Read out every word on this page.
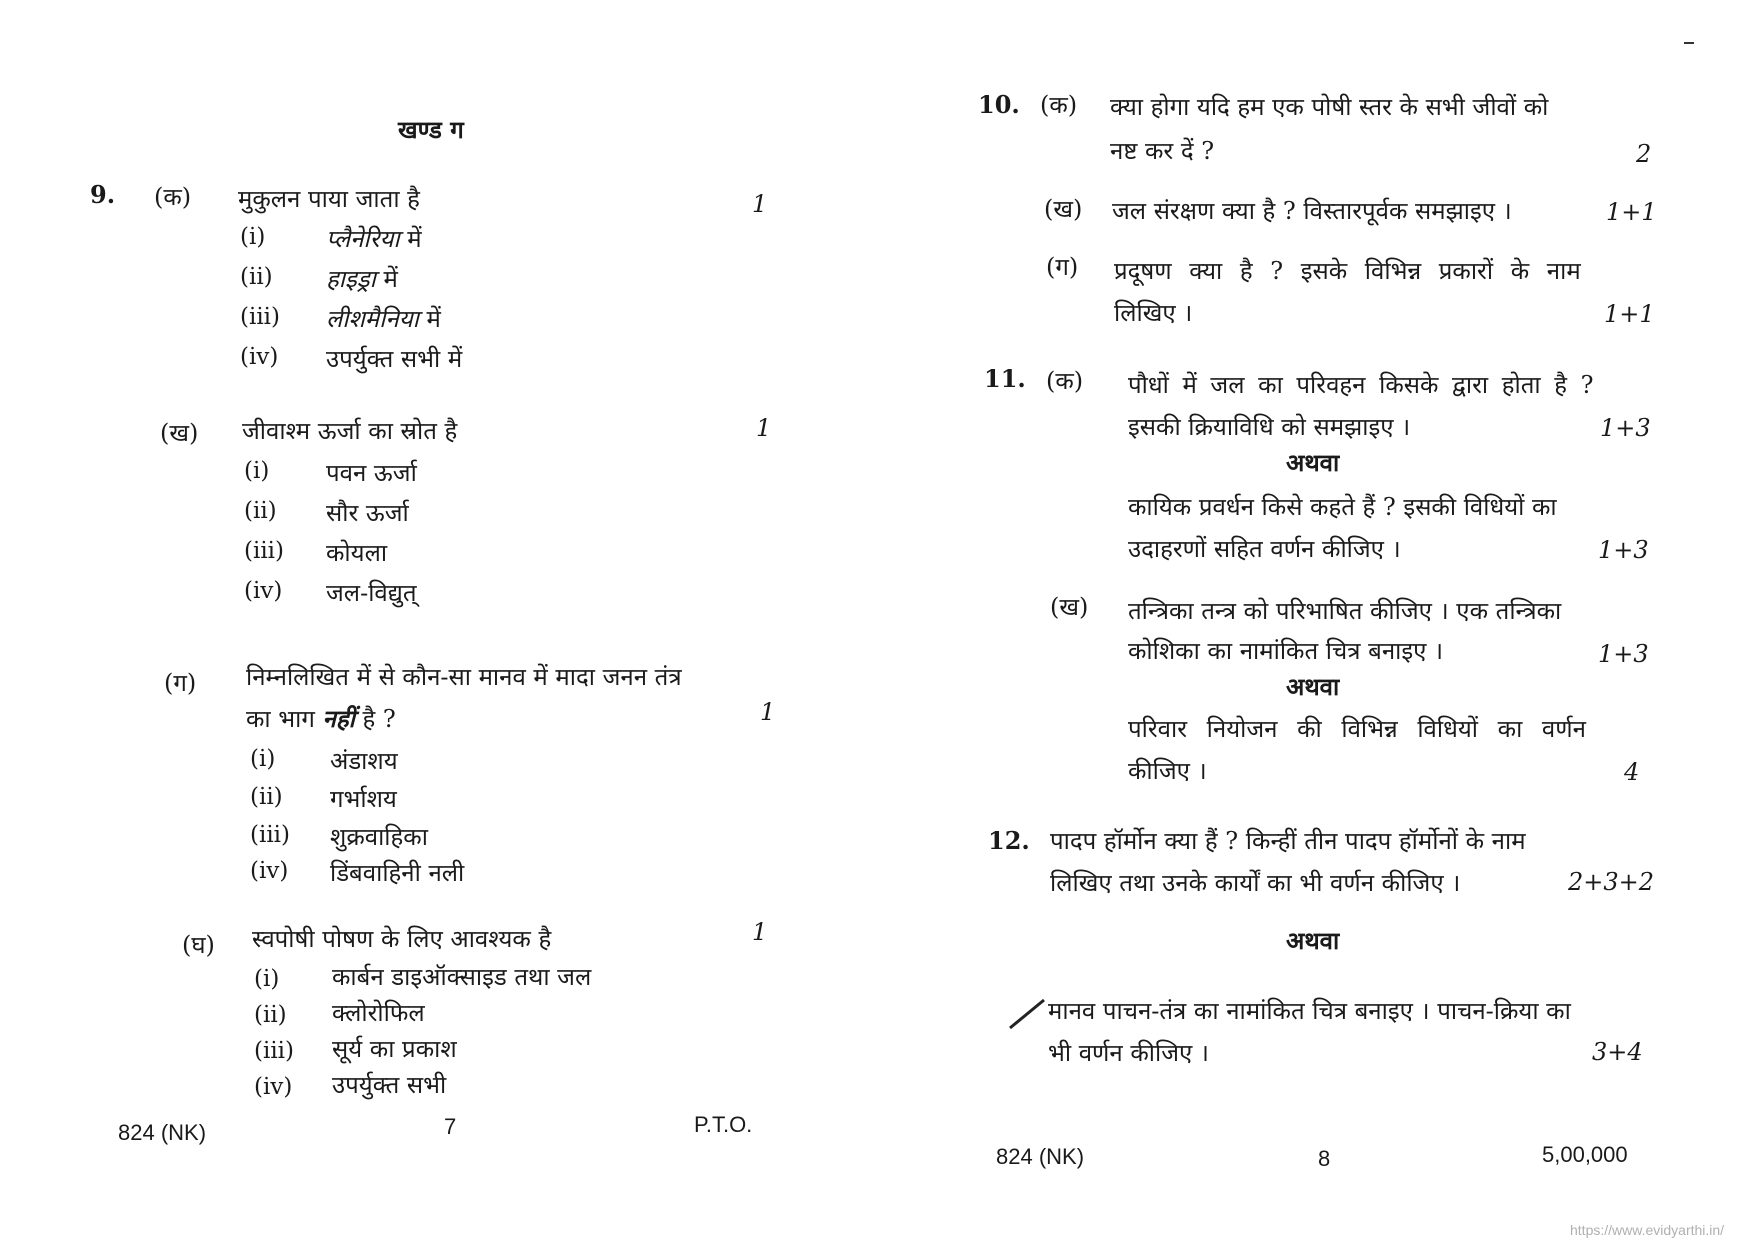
खण्ड ग
9. (क) मुकुलन पाया जाता है	1
(i)	प्लैनेरिया में
(ii) हाइड्रा में
(iii) लीशमैनिया में
(iv) उपर्युक्त सभी में
(ख) जीवाश्म ऊर्जा का स्रोत है	1
(i) पवन ऊर्जा
(ii) सौर ऊर्जा
(iii) कोयला
(iv) जल-विद्युत्
(ग) निम्नलिखित में से कौन-सा मानव में मादा जनन तंत्र
का भाग नहीं है ?	1
(i) अंडाशय
(ii) गर्भाशय
(iii) शुक्रवाहिका
(iv) डिंबवाहिनी नली
(घ) स्वपोषी पोषण के लिए आवश्यक है	1
(i) कार्बन डाइऑक्साइड तथा जल
(ii) क्लोरोफिल
(iii) सूर्य का प्रकाश
(iv) उपर्युक्त सभी
824 (NK)	7	P.T.O.
10. (क) क्या होगा यदि हम एक पोषी स्तर के सभी जीवों को
नष्ट कर दें ?	2
(ख) जल संरक्षण क्या है ? विस्तारपूर्वक समझाइए ।	1+1
(ग) प्रदूषण क्या है ? इसके विभिन्न प्रकारों के नाम
लिखिए ।	1+1
11. (क) पौधों में जल का परिवहन किसके द्वारा होता है ?
इसकी क्रियाविधि को समझाइए ।	1+3
अथवा
कायिक प्रवर्धन किसे कहते हैं ? इसकी विधियों का
उदाहरणों सहित वर्णन कीजिए ।	1+3
(ख) तन्त्रिका तन्त्र को परिभाषित कीजिए । एक तन्त्रिका
कोशिका का नामांकित चित्र बनाइए ।	1+3
अथवा
परिवार नियोजन की विभिन्न विधियों का वर्णन
कीजिए ।	4
12. पादप हॉर्मोन क्या हैं ? किन्हीं तीन पादप हॉर्मोनों के नाम
लिखिए तथा उनके कार्यों का भी वर्णन कीजिए ।	2+3+2
अथवा
मानव पाचन-तंत्र का नामांकित चित्र बनाइए । पाचन-क्रिया का
भी वर्णन कीजिए ।	3+4
824 (NK)	8	5,00,000
https://www.evidyarthi.in/
